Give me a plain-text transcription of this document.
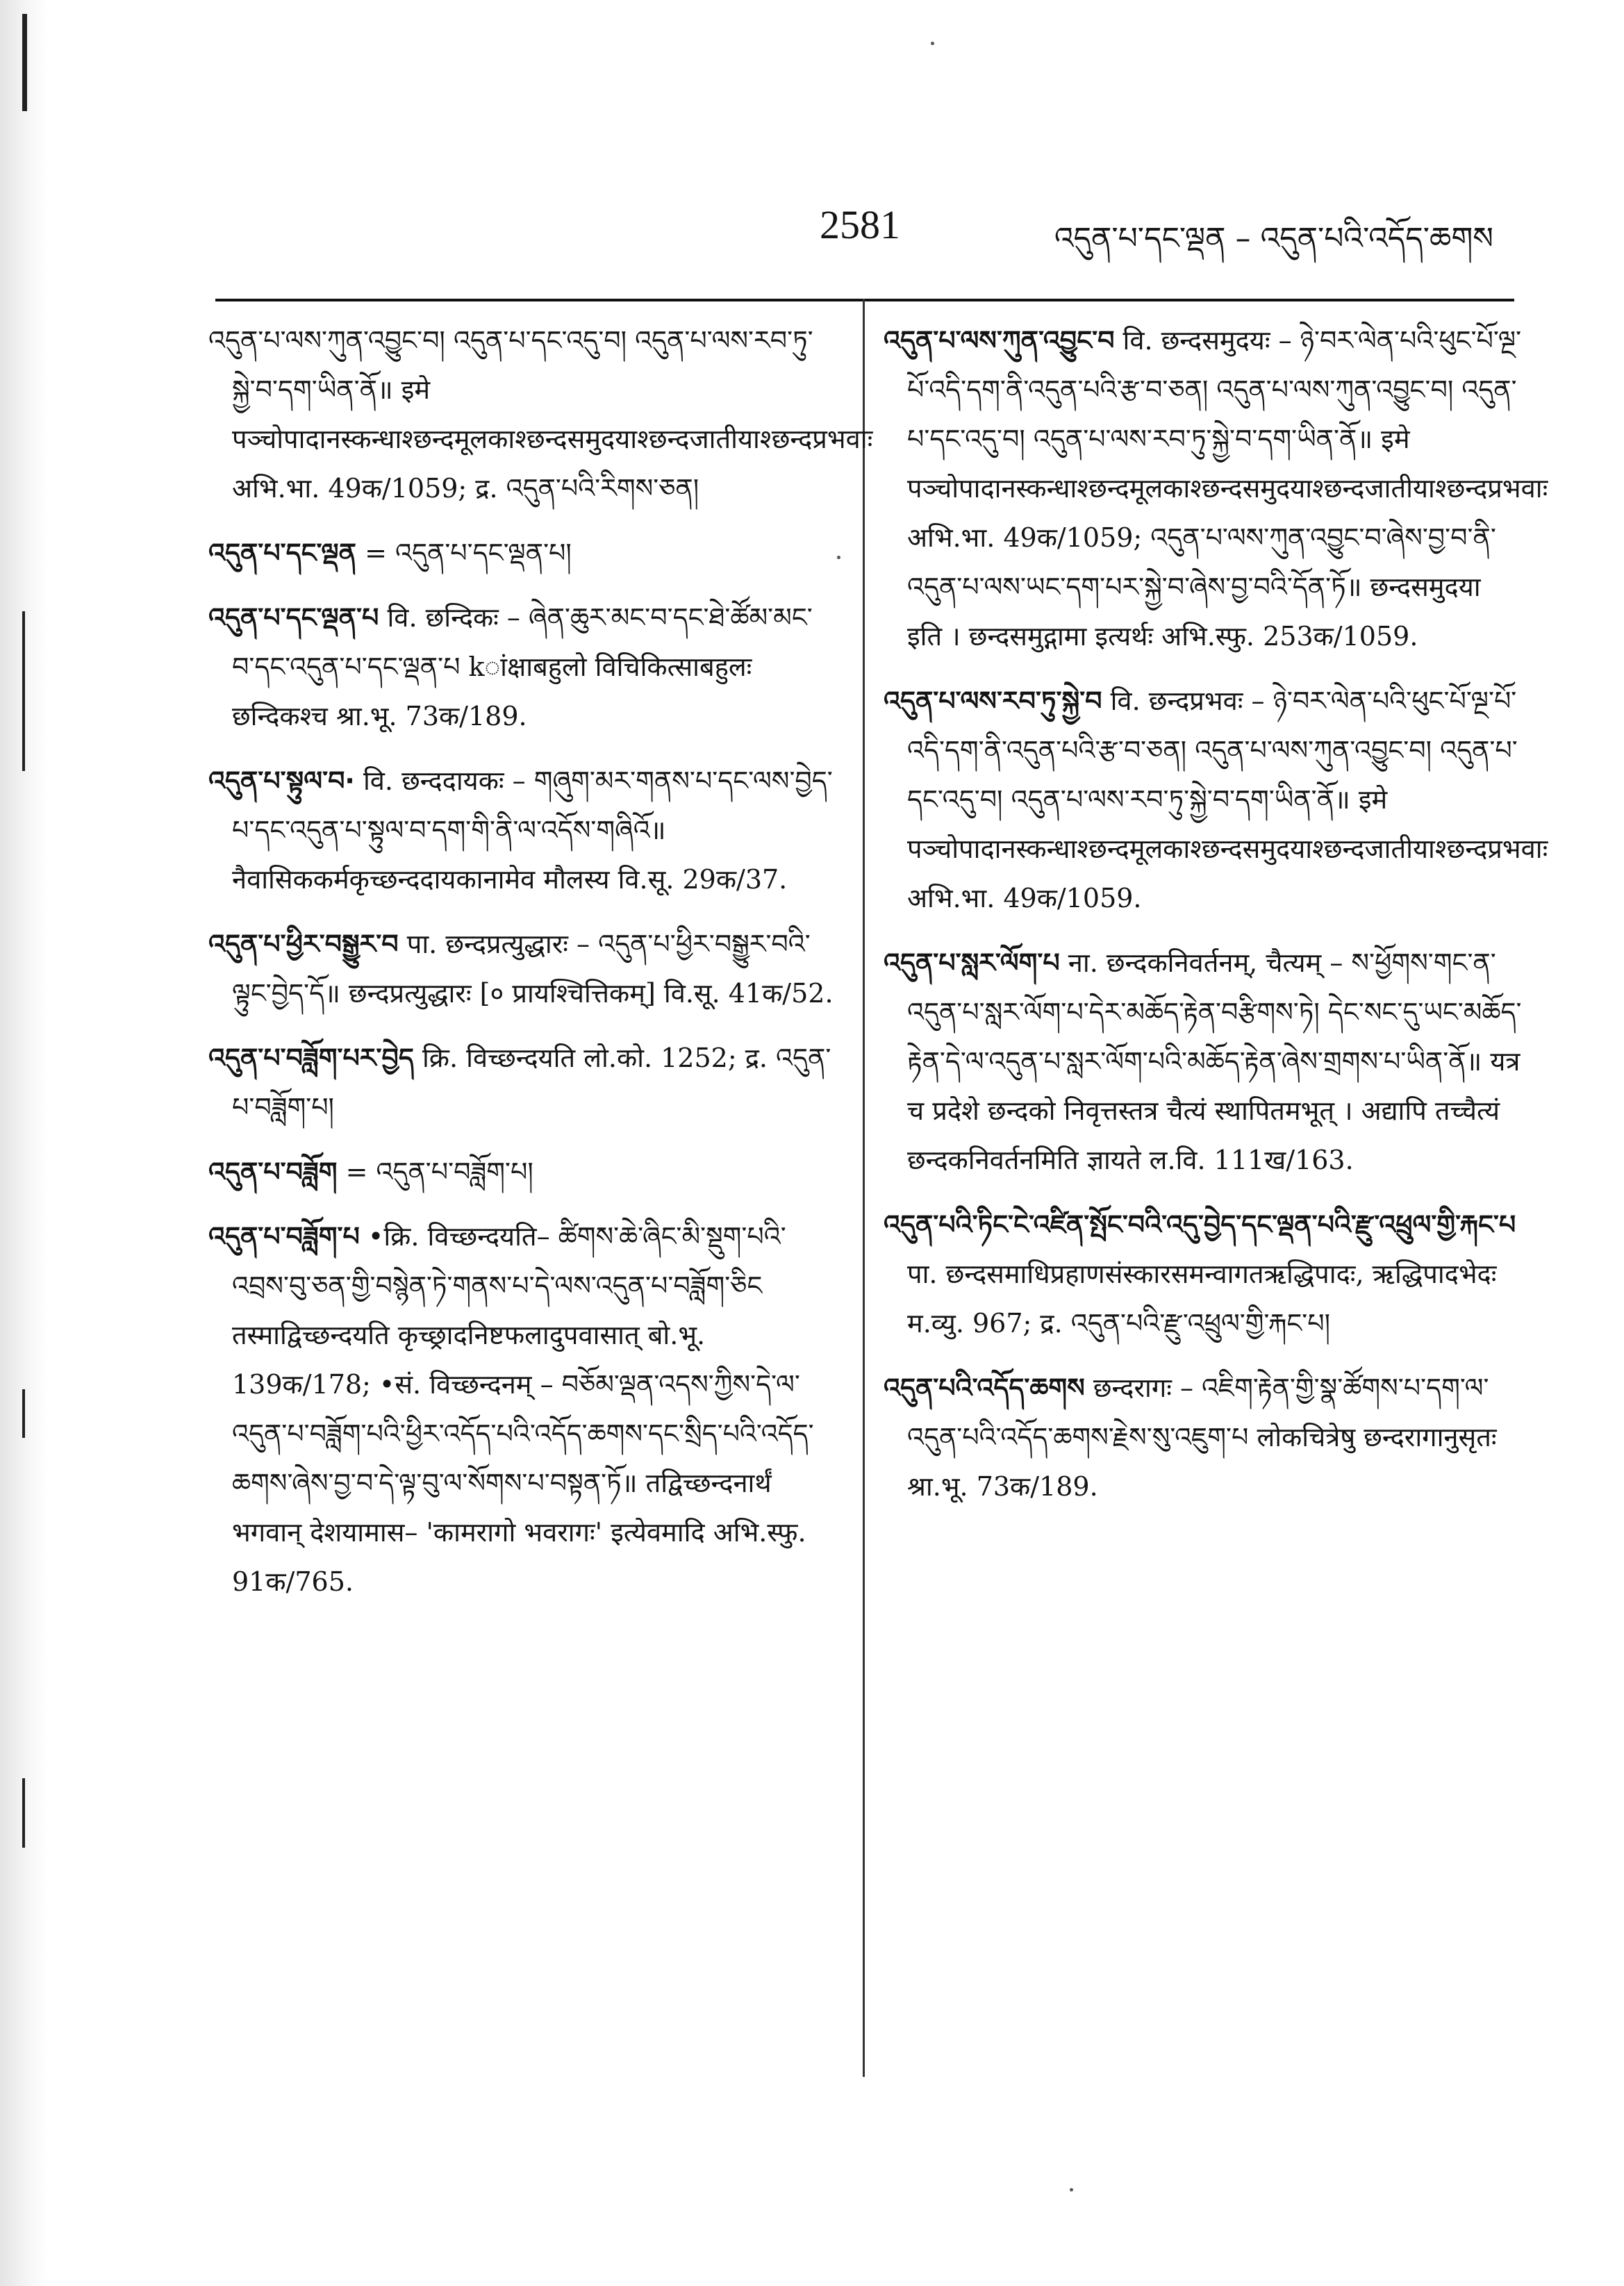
2581	འདུན་པ་དང་ལྡན – འདུན་པའི་འདོད་ཆགས

འདུན་པ་ལས་ཀུན་འབྱུང་བ། འདུན་པ་དང་འདུ་བ། འདུན་པ་ལས་རབ་ཏུ་སྐྱེ་བ་དག་ཡིན་ནོ॥ इमे पञ्चोपादानस्कन्धाश्छन्दमूलकाश्छन्दसमुदयाश्छन्दजातीयाश्छन्दप्रभवाः अभि.भा. 49क/1059; द्र. འདུན་པའི་རིགས་ཅན།

འདུན་པ་དང་ལྡན = འདུན་པ་དང་ལྡན་པ།

འདུན་པ་དང་ལྡན་པ वि. छन्दिकः – ཞེན་ཆུར་མང་བ་དང་ཐེ་ཚོམ་མང་བ་དང་འདུན་པ་དང་ལྡན་པ kांक्षाबहुलो विचिकित्साबहुलः छन्दिकश्च श्रा.भू. 73क/189.

འདུན་པ་སྟུལ་བ· वि. छन्ददायकः – གཞུག་མར་གནས་པ་དང་ལས་བྱེད་པ་དང་འདུན་པ་སྟུལ་བ་དག་གི་ནི་ལ་འདོས་གཞིའོ॥ नैवासिककर्मकृच्छन्ददायकानामेव मौलस्य वि.सू. 29क/37.

འདུན་པ་ཕྱིར་བསྒྱུར་བ पा. छन्दप्रत्युद्धारः – འདུན་པ་ཕྱིར་བསྒྱུར་བའི་ལྟུང་བྱེད་དོ॥ छन्दप्रत्युद्धारः [० प्रायश्चित्तिकम्] वि.सू. 41क/52.

འདུན་པ་བཟློག་པར་བྱེད क्रि. विच्छन्दयति लो.को. 1252; द्र. འདུན་པ་བཟློག་པ།

འདུན་པ་བཟློག = འདུན་པ་བཟློག་པ།

འདུན་པ་བཟློག་པ •क्रि. विच्छन्दयति– ཚིགས་ཆེ་ཞིང་མི་སྡུག་པའི་འབྲས་བུ་ཅན་གྱི་བསྙེན་ཏེ་གནས་པ་དེ་ལས་འདུན་པ་བཟློག་ཅིང तस्माद्विच्छन्दयति कृच्छ्रादनिष्टफलादुपवासात् बो.भू. 139क/178; •सं. विच्छन्दनम् – བཅོམ་ལྡན་འདས་ཀྱིས་དེ་ལ་འདུན་པ་བཟློག་པའི་ཕྱིར་འདོད་པའི་འདོད་ཆགས་དང་སྲིད་པའི་འདོད་ཆགས་ཞེས་བྱ་བ་དེ་ལྟ་བུ་ལ་སོགས་པ་བསྟན་ཏོ॥ तद्विच्छन्दनार्थं भगवान् देशयामास– 'कामरागो भवरागः' इत्येवमादि अभि.स्फु. 91क/765.

འདུན་པ་ལས་ཀུན་འབྱུང་བ वि. छन्दसमुदयः – ཉེ་བར་ལེན་པའི་ཕུང་པོ་ལྔ་པོ་འདི་དག་ནི་འདུན་པའི་རྩ་བ་ཅན། འདུན་པ་ལས་ཀུན་འབྱུང་བ། འདུན་པ་དང་འདུ་བ། འདུན་པ་ལས་རབ་ཏུ་སྐྱེ་བ་དག་ཡིན་ནོ॥ इमे पञ्चोपादानस्कन्धाश्छन्दमूलकाश्छन्दसमुदयाश्छन्दजातीयाश्छन्दप्रभवाः अभि.भा. 49क/1059; འདུན་པ་ལས་ཀུན་འབྱུང་བ་ཞེས་བྱ་བ་ནི་འདུན་པ་ལས་ཡང་དག་པར་སྐྱེ་བ་ཞེས་བྱ་བའི་དོན་ཏོ॥ छन्दसमुदया इति । छन्दसमुद्गामा इत्यर्थः अभि.स्फु. 253क/1059.

འདུན་པ་ལས་རབ་ཏུ་སྐྱེ་བ वि. छन्दप्रभवः – ཉེ་བར་ལེན་པའི་ཕུང་པོ་ལྔ་པོ་འདི་དག་ནི་འདུན་པའི་རྩ་བ་ཅན། འདུན་པ་ལས་ཀུན་འབྱུང་བ། འདུན་པ་དང་འདུ་བ། འདུན་པ་ལས་རབ་ཏུ་སྐྱེ་བ་དག་ཡིན་ནོ॥ इमे पञ्चोपादानस्कन्धाश्छन्दमूलकाश्छन्दसमुदयाश्छन्दजातीयाश्छन्दप्रभवाः अभि.भा. 49क/1059.

འདུན་པ་སླར་ལོག་པ ना. छन्दकनिवर्तनम्, चैत्यम् – ས་ཕྱོགས་གང་ན་འདུན་པ་སླར་ལོག་པ་དེར་མཆོད་རྟེན་བརྩིགས་ཏེ། དེང་སང་དུ་ཡང་མཆོད་རྟེན་དེ་ལ་འདུན་པ་སླར་ལོག་པའི་མཆོད་རྟེན་ཞེས་གྲགས་པ་ཡིན་ནོ॥ यत्र च प्रदेशे छन्दको निवृत्तस्तत्र चैत्यं स्थापितमभूत् । अद्यापि तच्चैत्यं छन्दकनिवर्तनमिति ज्ञायते ल.वि. 111ख/163.

འདུན་པའི་ཏིང་ངེ་འཛིན་སྤོང་བའི་འདུ་བྱེད་དང་ལྡན་པའི་རྫུ་འཕྲུལ་གྱི་རྐང་པ पा. छन्दसमाधिप्रहाणसंस्कारसमन्वागतऋद्धिपादः, ऋद्धिपादभेदः म.व्यु. 967; द्र. འདུན་པའི་རྫུ་འཕྲུལ་གྱི་རྐང་པ།

འདུན་པའི་འདོད་ཆགས छन्दरागः – འཇིག་རྟེན་གྱི་སྣ་ཚོགས་པ་དག་ལ་འདུན་པའི་འདོད་ཆགས་རྗེས་སུ་འཇུག་པ लोकचित्रेषु छन्दरागानुसृतः श्रा.भू. 73क/189.
